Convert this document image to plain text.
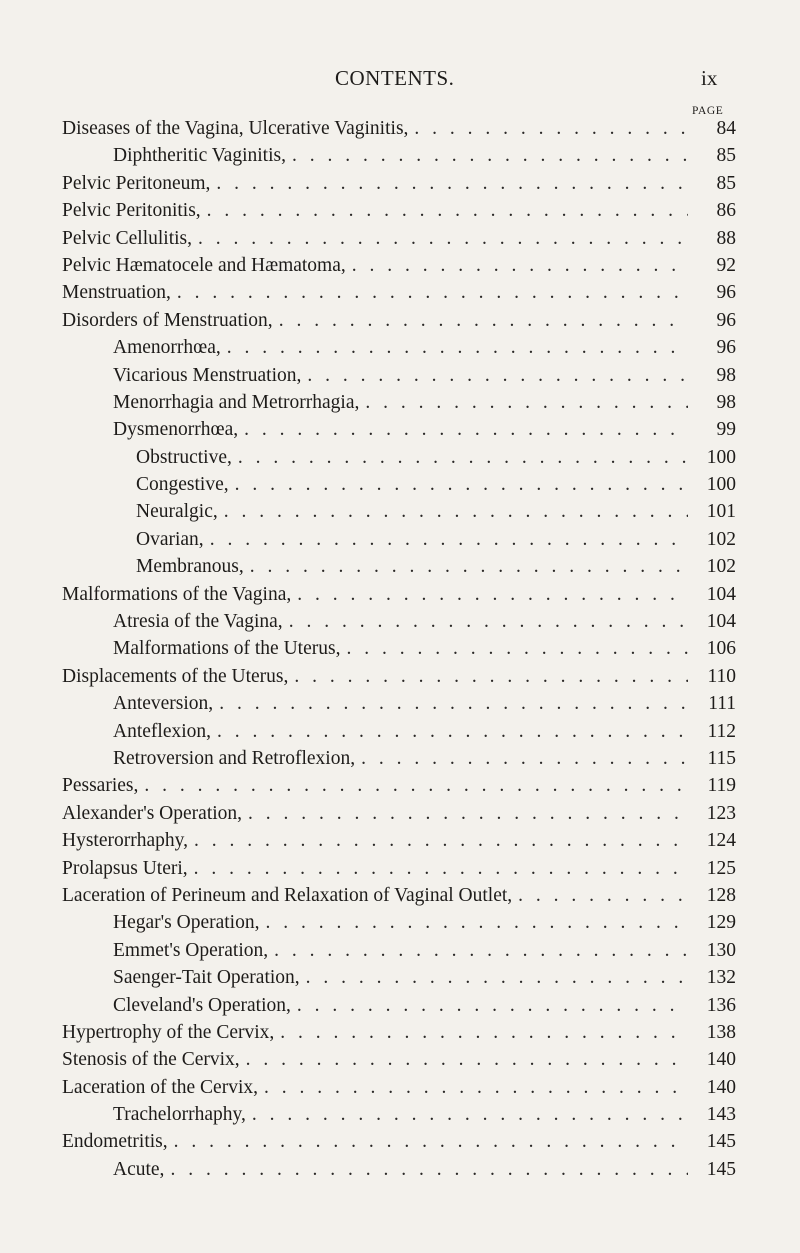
CONTENTS.	ix
PAGE
Diseases of the Vagina, Ulcerative Vaginitis, . . .	84
Diphtheritic Vaginitis, . . .	85
Pelvic Peritoneum, . . .	85
Pelvic Peritonitis, . . .	86
Pelvic Cellulitis, . . .	88
Pelvic Hæmatocele and Hæmatoma, . . .	92
Menstruation, . . .	96
Disorders of Menstruation, . . .	96
Amenorrhœa, . . .	96
Vicarious Menstruation, . . .	98
Menorrhagia and Metrorrhagia, . . .	98
Dysmenorrhœa, . . .	99
Obstructive, . . .	100
Congestive, . . .	100
Neuralgic, . . .	101
Ovarian, . . .	102
Membranous, . . .	102
Malformations of the Vagina, . . .	104
Atresia of the Vagina, . . .	104
Malformations of the Uterus, . . .	106
Displacements of the Uterus, . . .	110
Anteversion, . . .	111
Anteflexion, . . .	112
Retroversion and Retroflexion, . . .	115
Pessaries, . . .	119
Alexander's Operation, . . .	123
Hysterorrhaphy, . . .	124
Prolapsus Uteri, . . .	125
Laceration of Perineum and Relaxation of Vaginal Outlet, . . .	128
Hegar's Operation, . . .	129
Emmet's Operation, . . .	130
Saenger-Tait Operation, . . .	132
Cleveland's Operation, . . .	136
Hypertrophy of the Cervix, . . .	138
Stenosis of the Cervix, . . .	140
Laceration of the Cervix, . . .	140
Trachelorrhaphy, . . .	143
Endometritis, . . .	145
Acute, . . .	145
